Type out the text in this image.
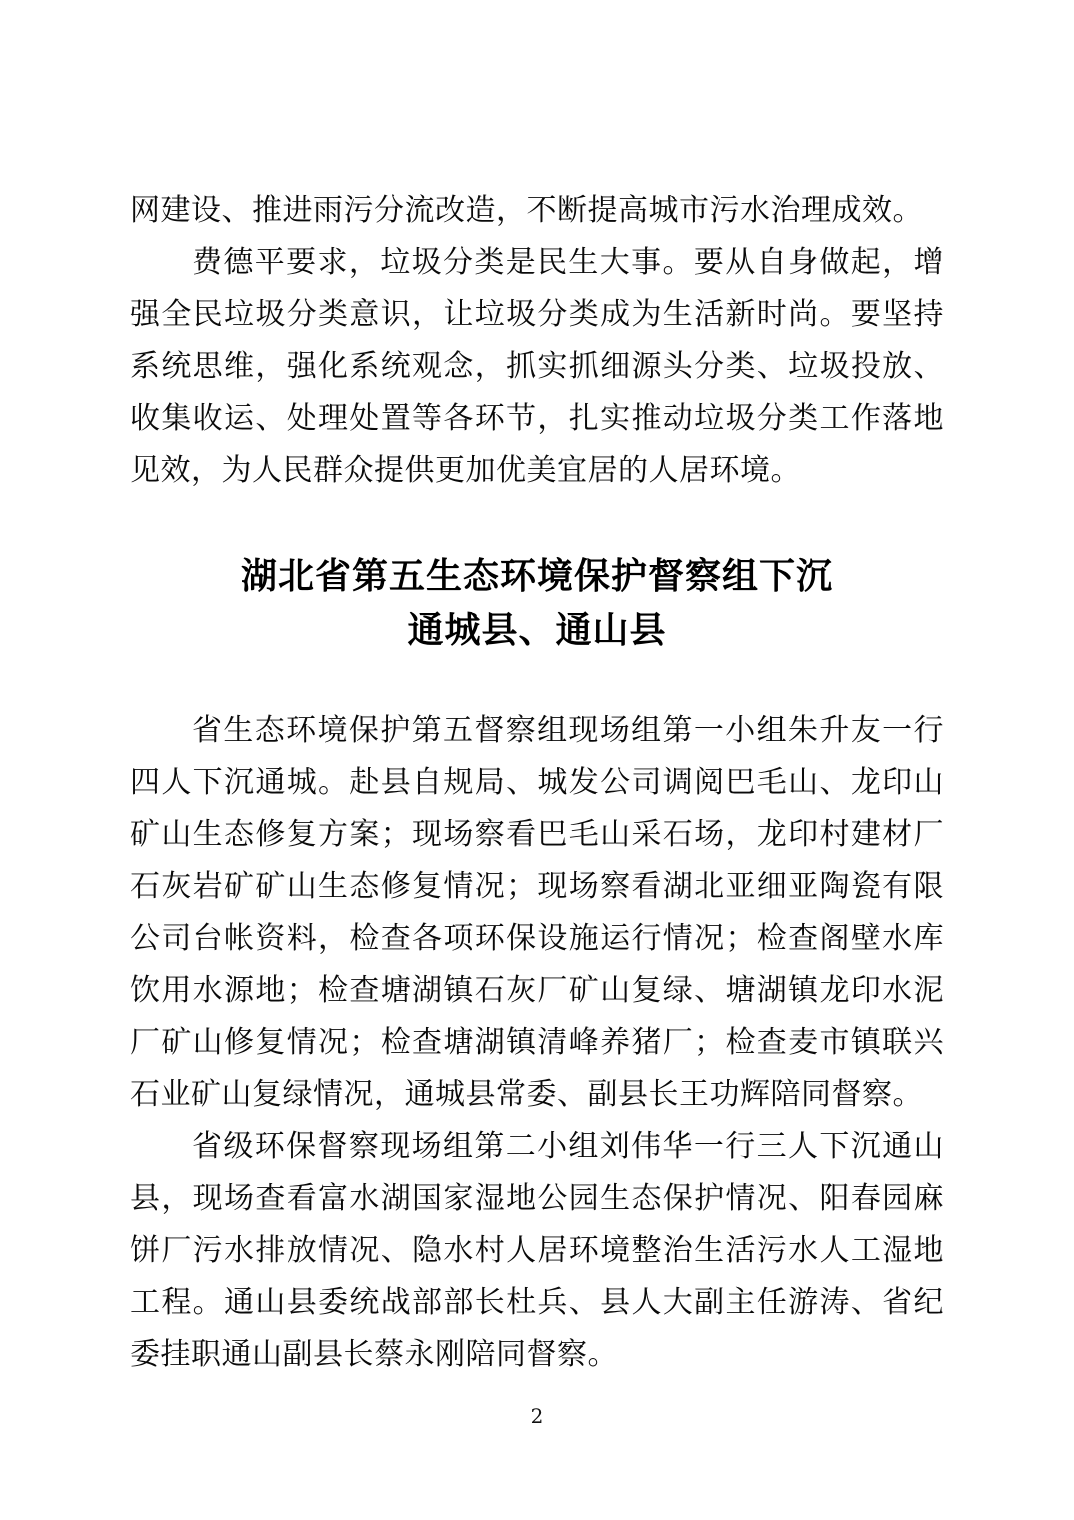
网建设、推进雨污分流改造，不断提高城市污水治理成效。

费德平要求，垃圾分类是民生大事。要从自身做起，增强全民垃圾分类意识，让垃圾分类成为生活新时尚。要坚持系统思维，强化系统观念，抓实抓细源头分类、垃圾投放、收集收运、处理处置等各环节，扎实推动垃圾分类工作落地见效，为人民群众提供更加优美宜居的人居环境。

湖北省第五生态环境保护督察组下沉
通城县、通山县

省生态环境保护第五督察组现场组第一小组朱升友一行四人下沉通城。赴县自规局、城发公司调阅巴毛山、龙印山矿山生态修复方案；现场察看巴毛山采石场，龙印村建材厂石灰岩矿矿山生态修复情况；现场察看湖北亚细亚陶瓷有限公司台帐资料，检查各项环保设施运行情况；检查阁壁水库饮用水源地；检查塘湖镇石灰厂矿山复绿、塘湖镇龙印水泥厂矿山修复情况；检查塘湖镇清峰养猪厂；检查麦市镇联兴石业矿山复绿情况，通城县常委、副县长王功辉陪同督察。

省级环保督察现场组第二小组刘伟华一行三人下沉通山县，现场查看富水湖国家湿地公园生态保护情况、阳春园麻饼厂污水排放情况、隐水村人居环境整治生活污水人工湿地工程。通山县委统战部部长杜兵、县人大副主任游涛、省纪委挂职通山副县长蔡永刚陪同督察。

2
